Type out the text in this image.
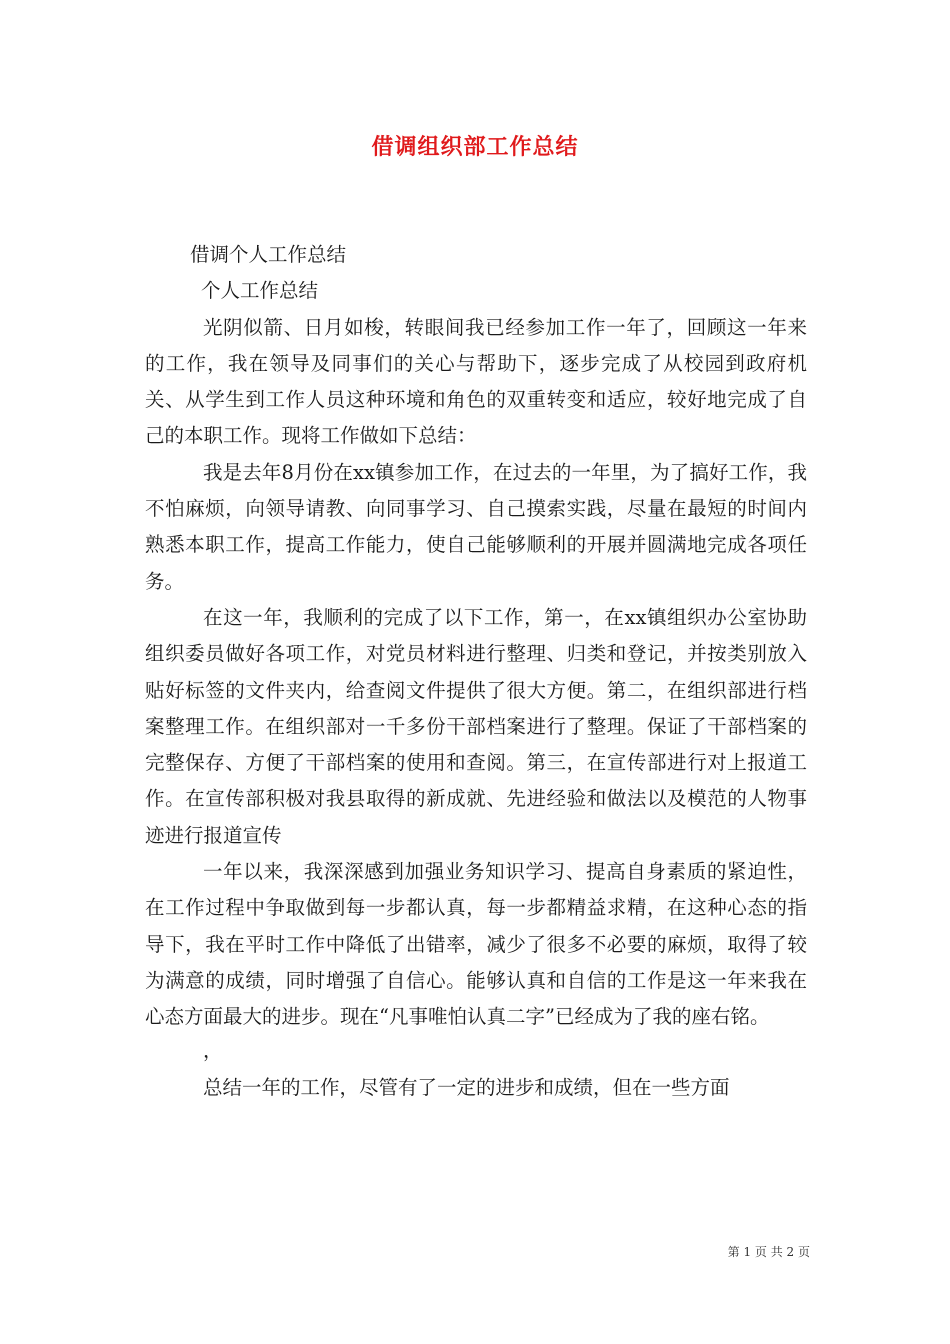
借调组织部工作总结

借调个人工作总结

个人工作总结

光阴似箭、日月如梭，转眼间我已经参加工作一年了，回顾这一年来的工作，我在领导及同事们的关心与帮助下，逐步完成了从校园到政府机关、从学生到工作人员这种环境和角色的双重转变和适应，较好地完成了自己的本职工作。现将工作做如下总结：

我是去年8月份在xx镇参加工作，在过去的一年里，为了搞好工作，我不怕麻烦，向领导请教、向同事学习、自己摸索实践，尽量在最短的时间内熟悉本职工作，提高工作能力，使自己能够顺利的开展并圆满地完成各项任务。

在这一年，我顺利的完成了以下工作，第一，在xx镇组织办公室协助组织委员做好各项工作，对党员材料进行整理、归类和登记，并按类别放入贴好标签的文件夹内，给查阅文件提供了很大方便。第二，在组织部进行档案整理工作。在组织部对一千多份干部档案进行了整理。保证了干部档案的完整保存、方便了干部档案的使用和查阅。第三，在宣传部进行对上报道工作。在宣传部积极对我县取得的新成就、先进经验和做法以及模范的人物事迹进行报道宣传

一年以来，我深深感到加强业务知识学习、提高自身素质的紧迫性，在工作过程中争取做到每一步都认真，每一步都精益求精，在这种心态的指导下，我在平时工作中降低了出错率，减少了很多不必要的麻烦，取得了较为满意的成绩，同时增强了自信心。能够认真和自信的工作是这一年来我在心态方面最大的进步。现在“凡事唯怕认真二字”已经成为了我的座右铭。

，

总结一年的工作，尽管有了一定的进步和成绩，但在一些方面

第 1 页 共 2 页
